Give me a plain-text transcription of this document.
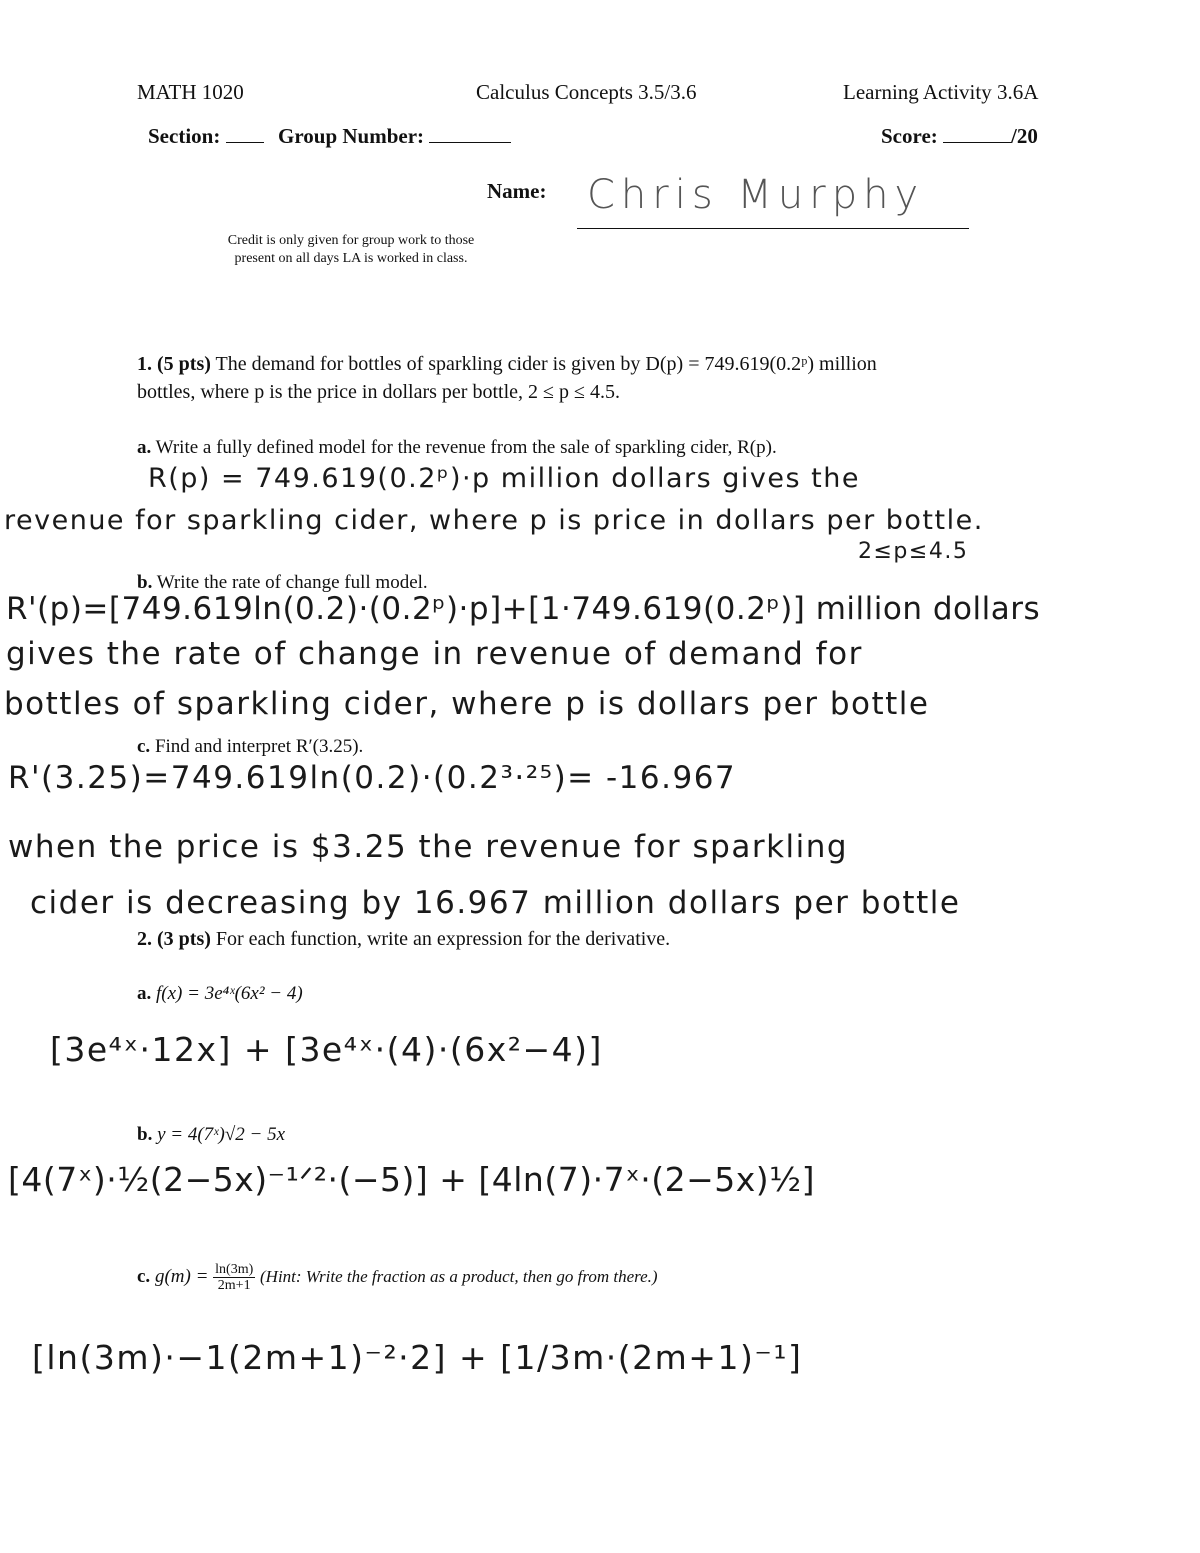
MATH 1020	Calculus Concepts 3.5/3.6	Learning Activity 3.6A
Section:	Group Number:	Score:	/20
Name: Chris Murphy
Credit is only given for group work to those
present on all days LA is worked in class.
1. (5 pts) The demand for bottles of sparkling cider is given by D(p) = 749.619(0.2ᵖ) million
bottles, where p is the price in dollars per bottle, 2 ≤ p ≤ 4.5.
a. Write a fully defined model for the revenue from the sale of sparkling cider, R(p).
R(p) = 749.619(0.2ᵖ)·p million dollars gives the
revenue for sparkling cider, where p is price in dollars per bottle.
2≤p≤4.5
b. Write the rate of change full model.
R'(p)=[749.619ln(0.2)·(0.2ᵖ)·p]+[1·749.619(0.2ᵖ)] million dollars
gives the rate of change in revenue of demand for
bottles of sparkling cider, where p is dollars per bottle
c. Find and interpret R′(3.25).
R'(3.25)=749.619ln(0.2)·(0.2³·²⁵)= -16.967
when the price is $3.25 the revenue for sparkling
cider is decreasing by 16.967 million dollars per bottle
2. (3 pts) For each function, write an expression for the derivative.
a. f(x) = 3e⁴ˣ(6x² − 4)
[3e⁴ˣ·12x] + [3e⁴ˣ·(4)·(6x²−4)]
b. y = 4(7ˣ)√2 − 5x
[4(7ˣ)·½(2−5x)⁻¹ᐟ²·(−5)] + [4ln(7)·7ˣ·(2−5x)½]
c. $g(m) = \frac{\ln(3m)}{2m+1}$ (Hint: Write the fraction as a product, then go from there.)
[ln(3m)·−1(2m+1)⁻²·2] + [1/3m·(2m+1)⁻¹]
